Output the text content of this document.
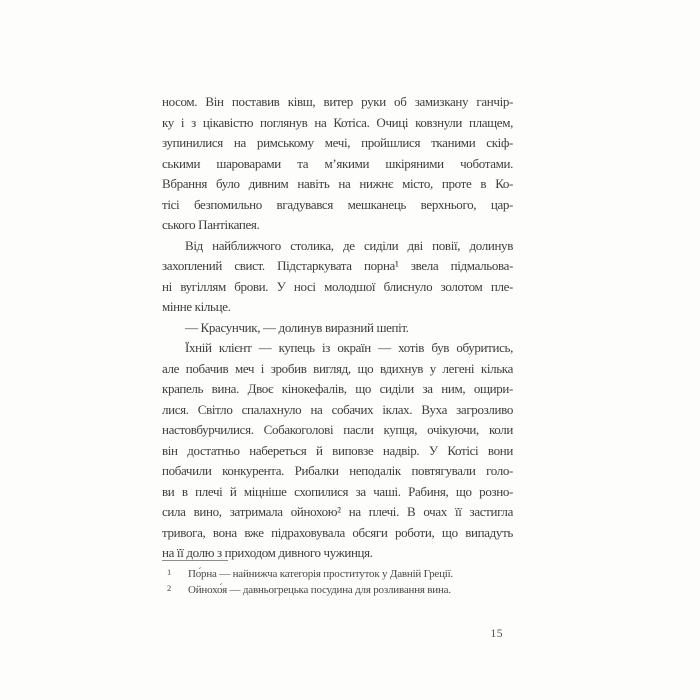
носом. Він поставив ківш, витер руки об замизкану ганчір-
ку і з цікавістю поглянув на Котіса. Очиці ковзнули плащем,
зупинилися на римському мечі, пройшлися тканими скіф-
ськими шароварами та м’якими шкіряними чоботами.
Вбрання було дивним навіть на нижнє місто, проте в Ко-
тісі безпомильно вгадувався мешканець верхнього, цар-
ського Пантікапея.
Від найближчого столика, де сиділи дві повії, долинув
захоплений свист. Підстаркувата порна¹ звела підмальова-
ні вугіллям брови. У носі молодшої блиснуло золотом пле-
мінне кільце.
— Красунчик, — долинув виразний шепіт.
Їхній клієнт — купець із окраїн — хотів був обуритись,
але побачив меч і зробив вигляд, що вдихнув у легені кілька
крапель вина. Двоє кінокефалів, що сиділи за ним, ощири-
лися. Світло спалахнуло на собачих іклах. Вуха загрозливо
настовбурчилися. Собакоголові пасли купця, очікуючи, коли
він достатньо набереться й виповзе надвір. У Котісі вони
побачили конкурента. Рибалки неподалік повтягували голо-
ви в плечі й міцніше схопилися за чаші. Рабиня, що розно-
сила вино, затримала ойнохою² на плечі. В очах її застигла
тривога, вона вже підраховувала обсяги роботи, що випадуть
на її долю з приходом дивного чужинця.
1 По́рна — найнижча категорія проституток у Давній Греції.
2 Ойнохо́я — давньогрецька посудина для розливання вина.
15
